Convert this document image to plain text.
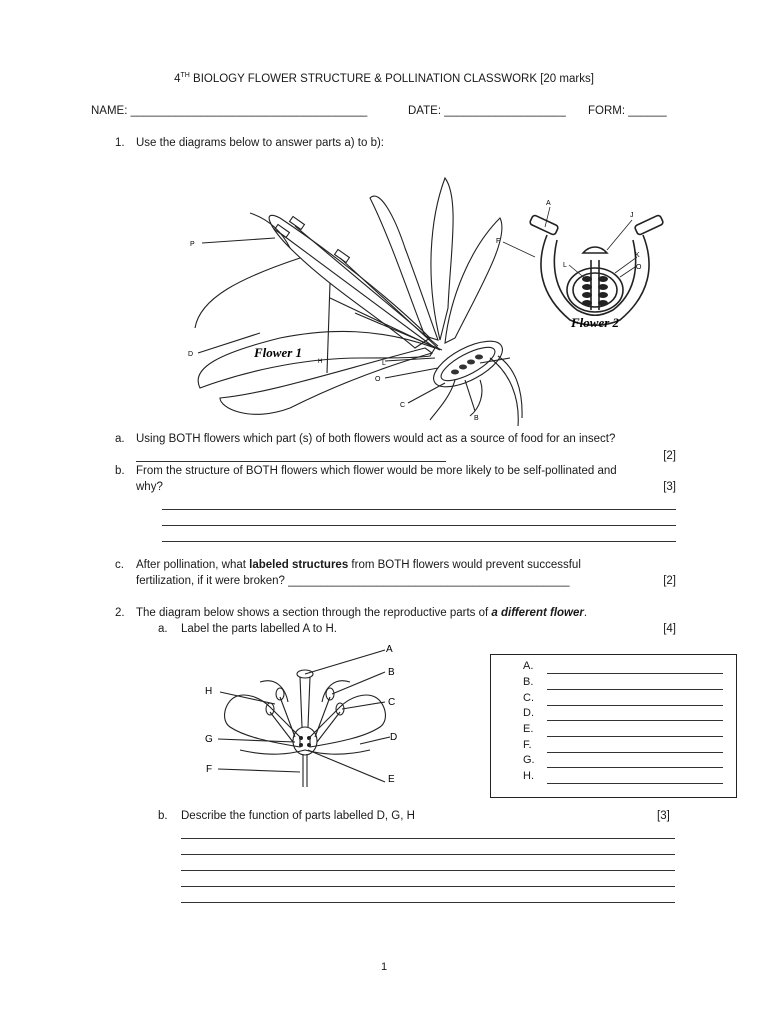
4TH BIOLOGY FLOWER STRUCTURE & POLLINATION CLASSWORK [20 marks]
NAME: _____________________________________	DATE: ___________________ FORM: ______
1. Use the diagrams below to answer parts a) to b):
P
D
H	L
O
C
B
Flower 1
A
J
F
K
L	O
Flower 2
a. Using BOTH flowers which part (s) of both flowers would act as a source of food for an insect?
[2]
b. From the structure of BOTH flowers which flower would be more likely to be self-pollinated and
why?	[3]
c. After pollination, what labeled structures from BOTH flowers would prevent successful
fertilization, if it were broken? ____________________________________________	[2]
2. The diagram below shows a section through the reproductive parts of a different flower.
a. Label the parts labelled A to H.	[4]
A
B
C
D
E
F
G
H
A.
B.
C.
D.
E.
F.
G.
H.
b. Describe the function of parts labelled D, G, H	[3]
1
